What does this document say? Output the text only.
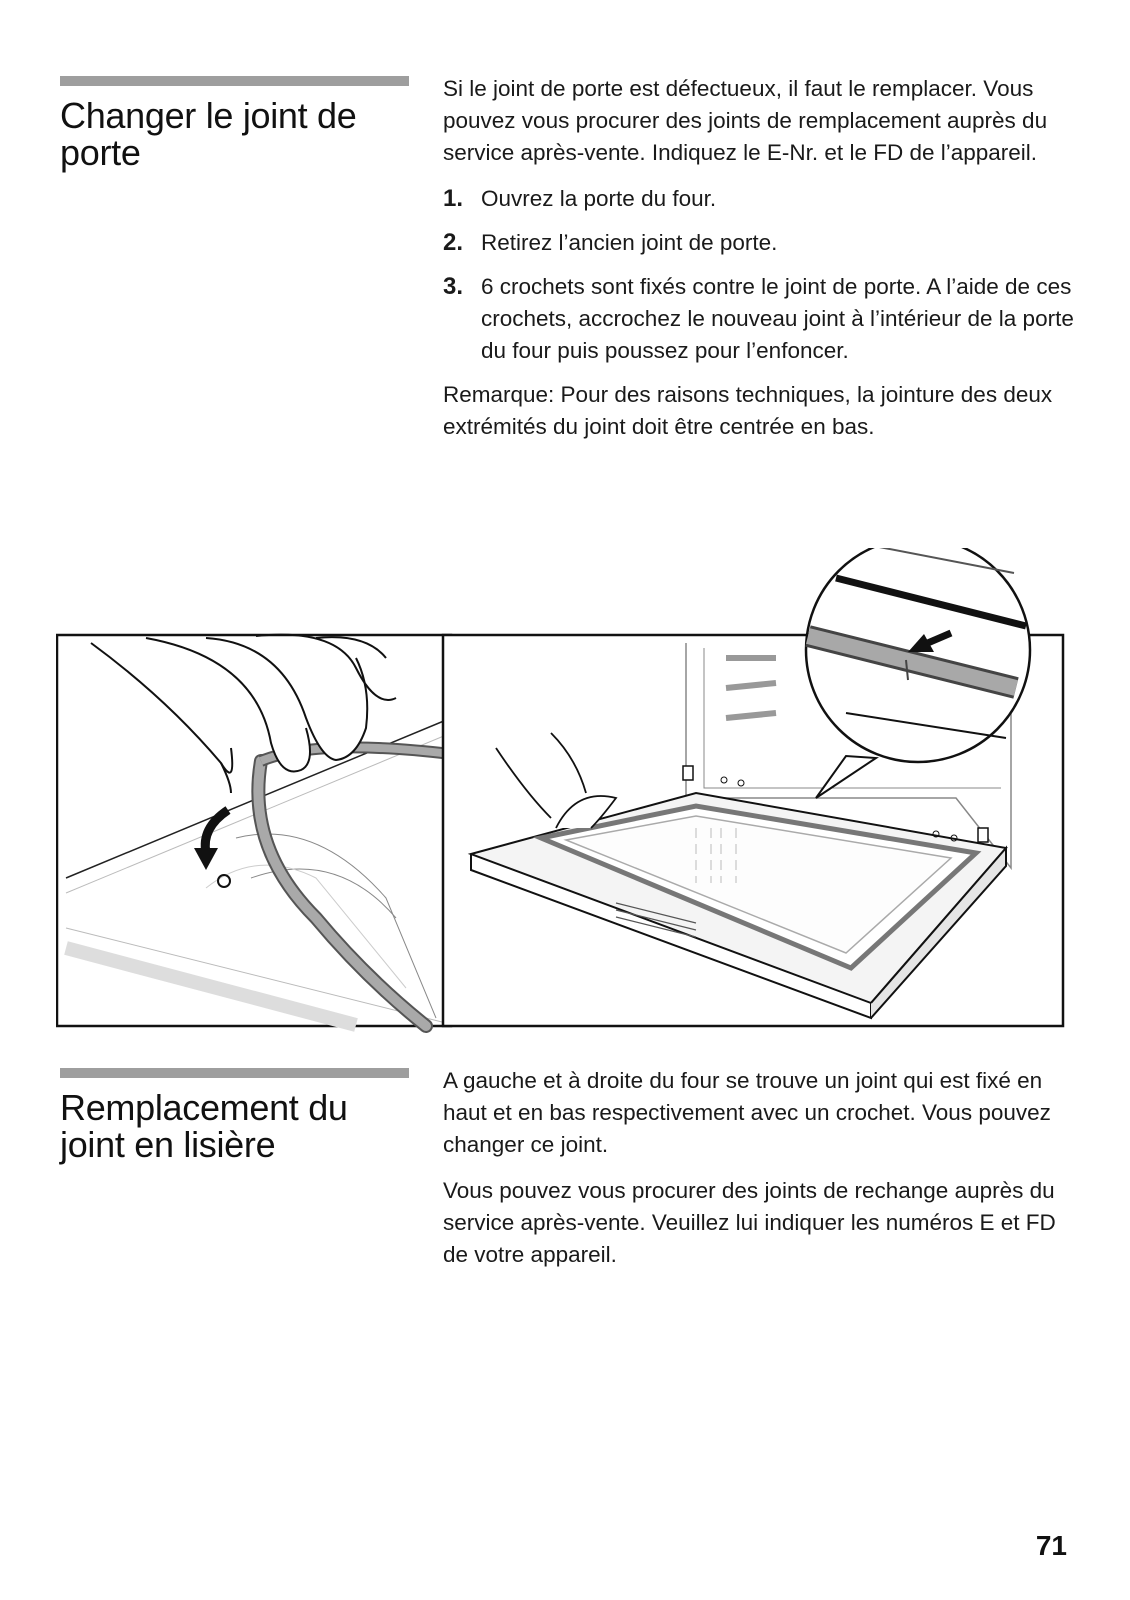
Changer le joint de porte

Si le joint de porte est défectueux, il faut le remplacer. Vous pouvez vous procurer des joints de remplacement auprès du service après-vente. Indiquez le E-Nr. et le FD de l’appareil.

1. Ouvrez la porte du four.
2. Retirez l’ancien joint de porte.
3. 6 crochets sont fixés contre le joint de porte. A l’aide de ces crochets, accrochez le nouveau joint à l’intérieur de la porte du four puis poussez pour l’enfoncer.

Remarque: Pour des raisons techniques, la jointure des deux extrémités du joint doit être centrée en bas.

Remplacement du joint en lisière

A gauche et à droite du four se trouve un joint qui est fixé en haut et en bas respectivement avec un crochet. Vous pouvez changer ce joint.

Vous pouvez vous procurer des joints de rechange auprès du service après-vente. Veuillez lui indiquer les numéros E et FD de votre appareil.

71
